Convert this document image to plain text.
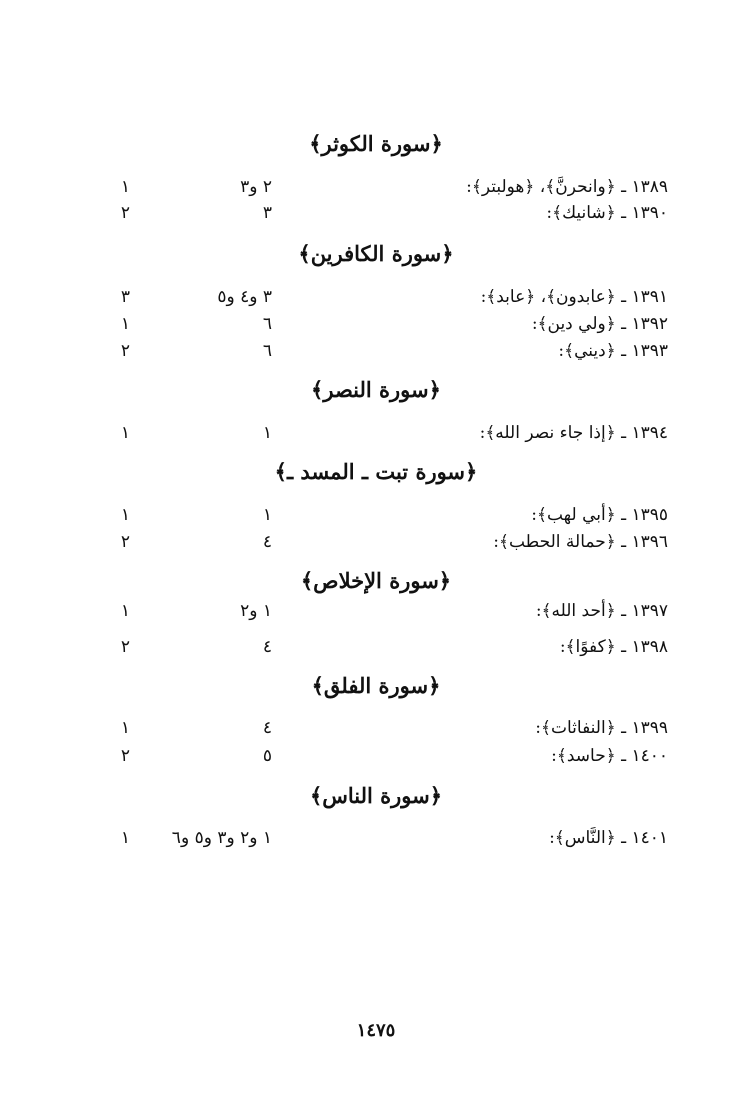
﴿سورة الكوثر﴾
١٣٨٩ ـ ﴿وانحرنَّ﴾، ﴿هولبتر﴾:
٢ و٣
١
١٣٩٠ ـ ﴿شانيك﴾:
٣
٢
﴿سورة الكافرين﴾
١٣٩١ ـ ﴿عابدون﴾، ﴿عابد﴾:
٣ و٤ و٥
٣
١٣٩٢ ـ ﴿ولي دين﴾:
٦
١
١٣٩٣ ـ ﴿ديني﴾:
٦
٢
﴿سورة النصر﴾
١٣٩٤ ـ ﴿إذا جاء نصر الله﴾:
١
١
﴿سورة تبت ـ المسد ـ﴾
١٣٩٥ ـ ﴿أبي لهب﴾:
١
١
١٣٩٦ ـ ﴿حمالة الحطب﴾:
٤
٢
﴿سورة الإخلاص﴾
١٣٩٧ ـ ﴿أحد الله﴾:
١ و٢
١
١٣٩٨ ـ ﴿كفوًا﴾:
٤
٢
﴿سورة الفلق﴾
١٣٩٩ ـ ﴿النفاثات﴾:
٤
١
١٤٠٠ ـ ﴿حاسد﴾:
٥
٢
﴿سورة الناس﴾
١٤٠١ ـ ﴿النَّاس﴾:
١ و٢ و٣ و٥ و٦
١
١٤٧٥
